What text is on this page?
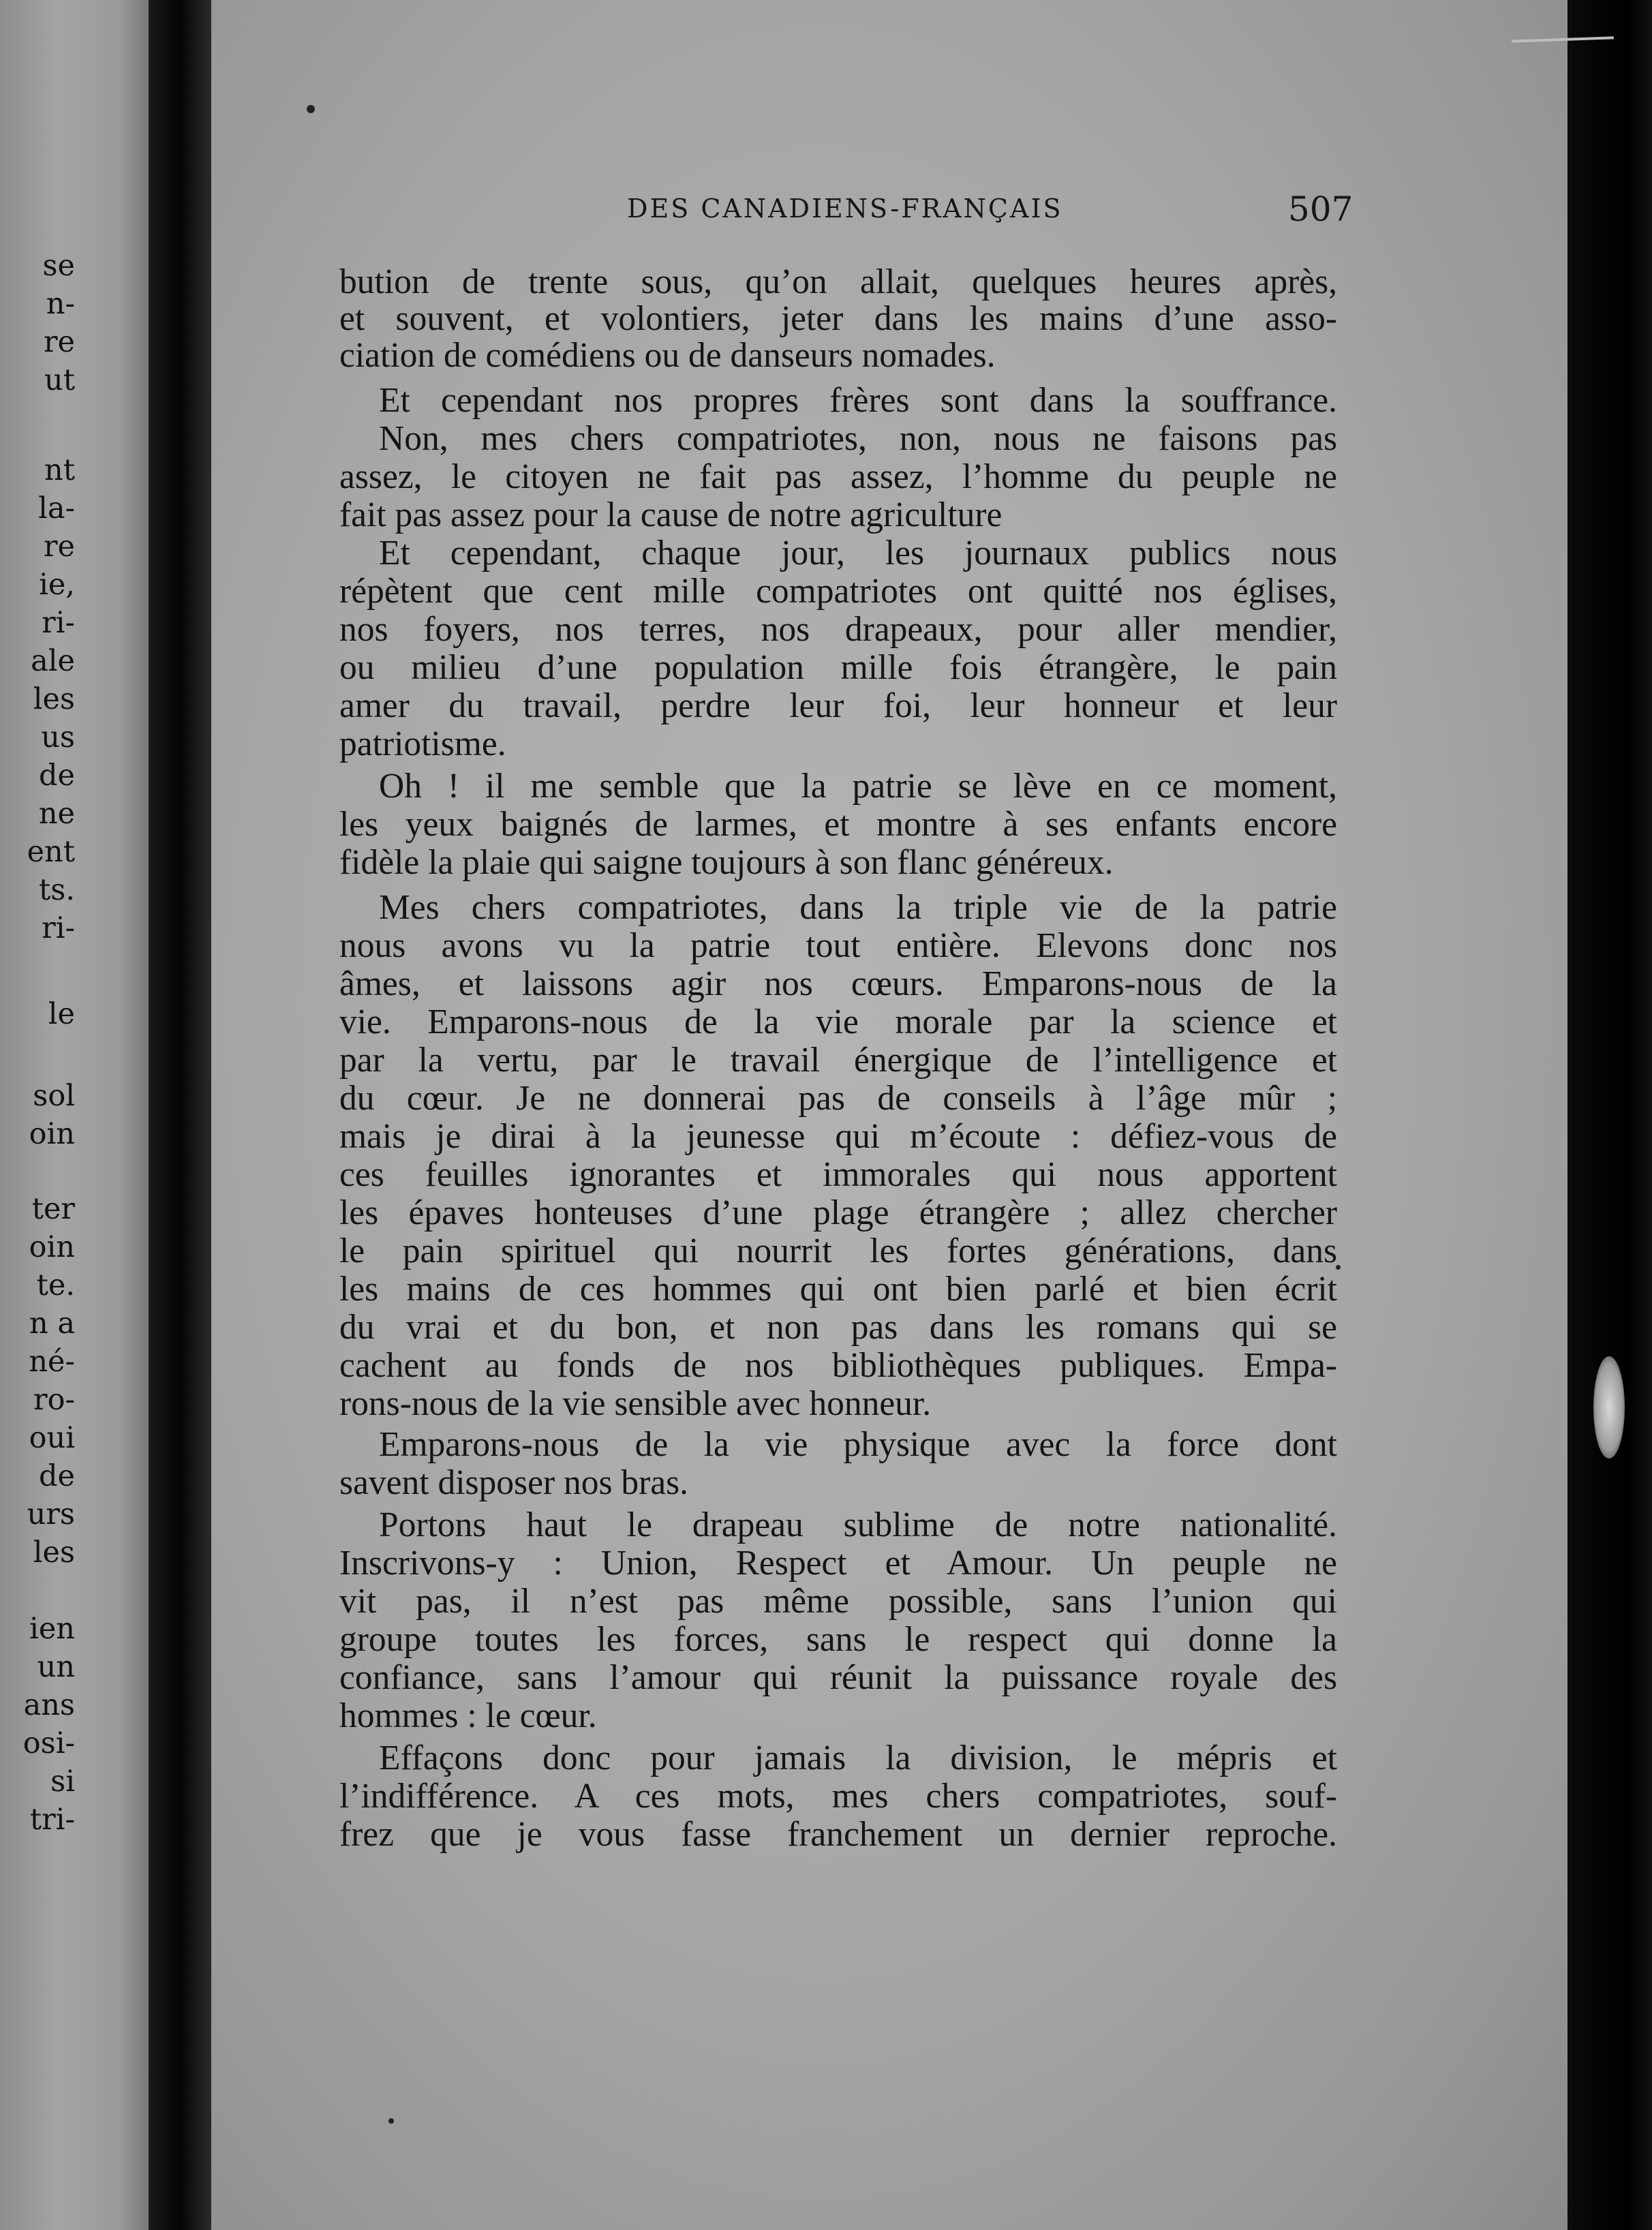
se
n-
re
ut
nt
la-
re
ie,
ri-
ale
les
us
de
ne
ent
ts.
ri-
le
sol
oin
ter
oin
te.
n a
né-
ro-
oui
de
urs
les
ien
un
ans
osi-
si
tri-
DES CANADIENS-FRANÇAIS	507
bution de trente sous, qu’on allait, quelques heures après,
et souvent, et volontiers, jeter dans les mains d’une asso-
ciation de comédiens ou de danseurs nomades.
Et cependant nos propres frères sont dans la souffrance.
Non, mes chers compatriotes, non, nous ne faisons pas
assez, le citoyen ne fait pas assez, l’homme du peuple ne
fait pas assez pour la cause de notre agriculture
Et cependant, chaque jour, les journaux publics nous
répètent que cent mille compatriotes ont quitté nos églises,
nos foyers, nos terres, nos drapeaux, pour aller mendier,
ou milieu d’une population mille fois étrangère, le pain
amer du travail, perdre leur foi, leur honneur et leur
patriotisme.
Oh ! il me semble que la patrie se lève en ce moment,
les yeux baignés de larmes, et montre à ses enfants encore
fidèle la plaie qui saigne toujours à son flanc généreux.
Mes chers compatriotes, dans la triple vie de la patrie
nous avons vu la patrie tout entière. Elevons donc nos
âmes, et laissons agir nos cœurs. Emparons-nous de la
vie. Emparons-nous de la vie morale par la science et
par la vertu, par le travail énergique de l’intelligence et
du cœur. Je ne donnerai pas de conseils à l’âge mûr ;
mais je dirai à la jeunesse qui m’écoute : défiez-vous de
ces feuilles ignorantes et immorales qui nous apportent
les épaves honteuses d’une plage étrangère ; allez chercher
le pain spirituel qui nourrit les fortes générations, dans
les mains de ces hommes qui ont bien parlé et bien écrit
du vrai et du bon, et non pas dans les romans qui se
cachent au fonds de nos bibliothèques publiques. Empa-
rons-nous de la vie sensible avec honneur.
Emparons-nous de la vie physique avec la force dont
savent disposer nos bras.
Portons haut le drapeau sublime de notre nationalité.
Inscrivons-y : Union, Respect et Amour. Un peuple ne
vit pas, il n’est pas même possible, sans l’union qui
groupe toutes les forces, sans le respect qui donne la
confiance, sans l’amour qui réunit la puissance royale des
hommes : le cœur.
Effaçons donc pour jamais la division, le mépris et
l’indifférence. A ces mots, mes chers compatriotes, souf-
frez que je vous fasse franchement un dernier reproche.
